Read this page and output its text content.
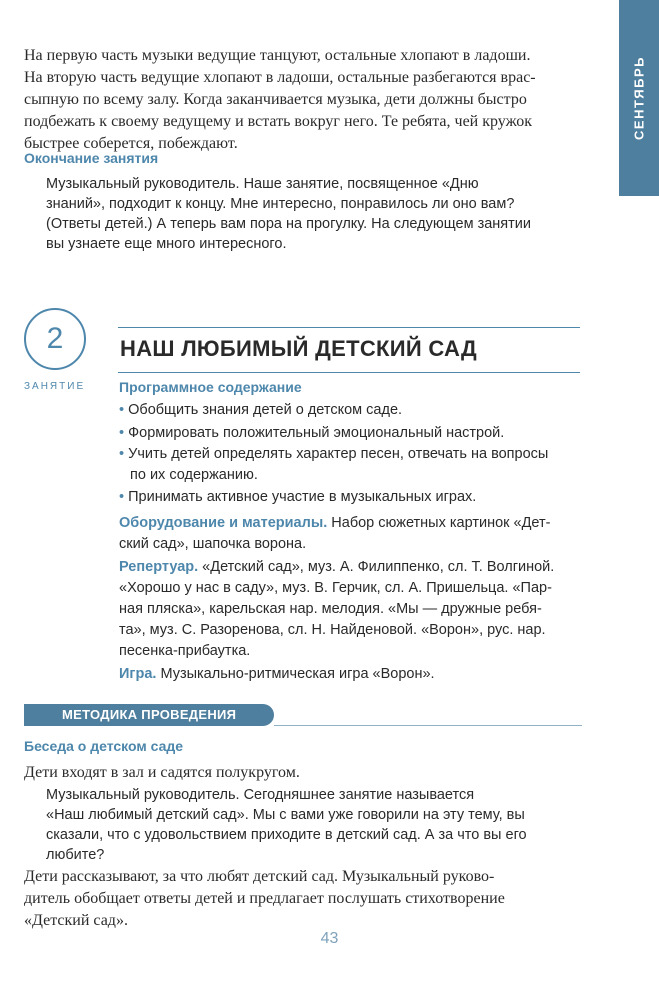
СЕНТЯБРЬ
На первую часть музыки ведущие танцуют, остальные хлопают в ладоши.
На вторую часть ведущие хлопают в ладоши, остальные разбегаются врас-
сыпную по всему залу. Когда заканчивается музыка, дети должны быстро
подбежать к своему ведущему и встать вокруг него. Те ребята, чей кружок
быстрее соберется, побеждают.
Окончание занятия
Музыкальный руководитель. Наше занятие, посвященное «Дню
знаний», подходит к концу. Мне интересно, понравилось ли оно вам?
(Ответы детей.) А теперь вам пора на прогулку. На следующем занятии
вы узнаете еще много интересного.
2
ЗАНЯТИЕ
НАШ ЛЮБИМЫЙ ДЕТСКИЙ САД
Программное содержание
• Обобщить знания детей о детском саде.
• Формировать положительный эмоциональный настрой.
• Учить детей определять характер песен, отвечать на вопросы
по их содержанию.
• Принимать активное участие в музыкальных играх.
Оборудование и материалы. Набор сюжетных картинок «Дет-
ский сад», шапочка ворона.
Репертуар. «Детский сад», муз. А. Филиппенко, сл. Т. Волгиной.
«Хорошо у нас в саду», муз. В. Герчик, сл. А. Пришельца. «Пар-
ная пляска», карельская нар. мелодия. «Мы — дружные ребя-
та», муз. С. Разоренова, сл. Н. Найденовой. «Ворон», рус. нар.
песенка-прибаутка.
Игра. Музыкально-ритмическая игра «Ворон».
МЕТОДИКА ПРОВЕДЕНИЯ
Беседа о детском саде
Дети входят в зал и садятся полукругом.
Музыкальный руководитель. Сегодняшнее занятие называется
«Наш любимый детский сад». Мы с вами уже говорили на эту тему, вы
сказали, что с удовольствием приходите в детский сад. А за что вы его
любите?
Дети рассказывают, за что любят детский сад. Музыкальный руково-
дитель обобщает ответы детей и предлагает послушать стихотворение
«Детский сад».
43
